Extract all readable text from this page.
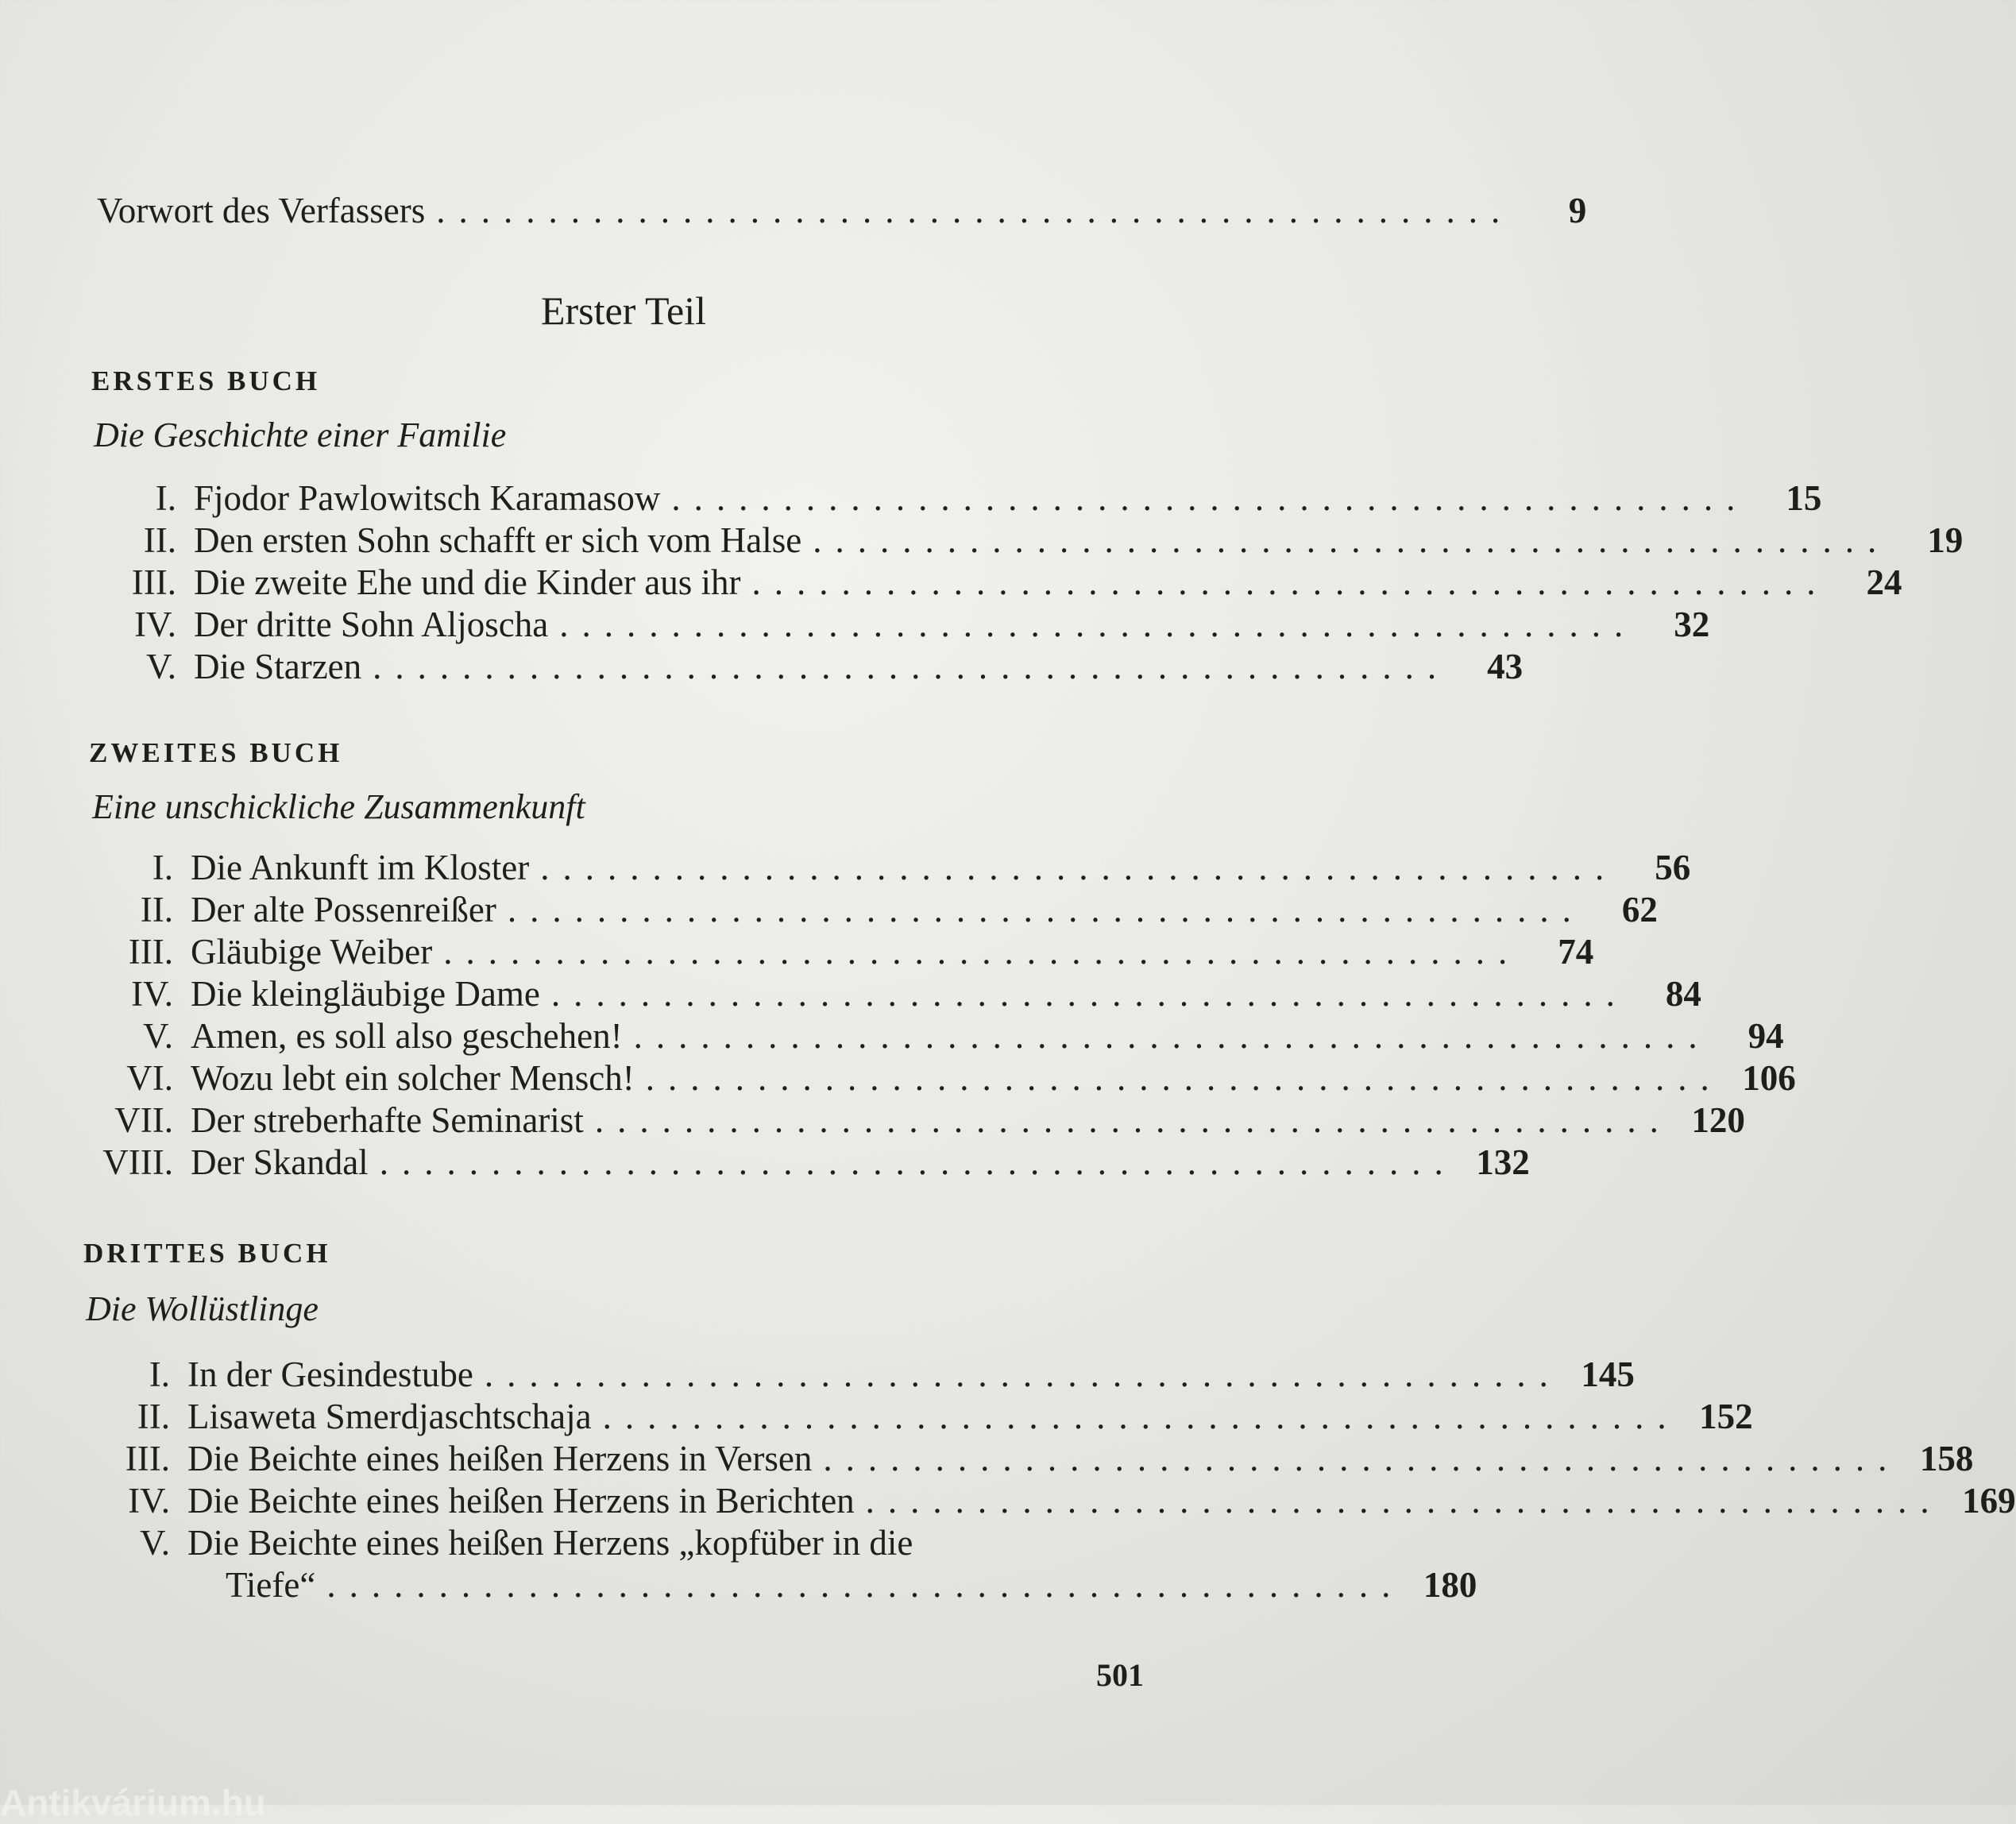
Vorwort des Verfassers ................................................	9
Erster Teil
ERSTES BUCH
Die Geschichte einer Familie
I. Fjodor Pawlowitsch Karamasow ................................................	15
II. Den ersten Sohn schafft er sich vom Halse ................................................	19
III. Die zweite Ehe und die Kinder aus ihr ................................................	24
IV. Der dritte Sohn Aljoscha ................................................	32
V. Die Starzen ................................................	43
ZWEITES BUCH
Eine unschickliche Zusammenkunft
I. Die Ankunft im Kloster ................................................	56
II. Der alte Possenreißer ................................................	62
III. Gläubige Weiber ................................................	74
IV. Die kleingläubige Dame ................................................	84
V. Amen, es soll also geschehen! ................................................	94
VI. Wozu lebt ein solcher Mensch! ................................................ 106
VII. Der streberhafte Seminarist ................................................ 120
VIII. Der Skandal ................................................ 132
DRITTES BUCH
Die Wollüstlinge
I. In der Gesindestube ................................................ 145
II. Lisaweta Smerdjaschtschaja ................................................ 152
III. Die Beichte eines heißen Herzens in Versen ................................................ 158
IV. Die Beichte eines heißen Herzens in Berichten ................................................ 169
V. Die Beichte eines heißen Herzens „kopfüber in die
Tiefe“ ................................................ 180
501
Antikvárium.hu
